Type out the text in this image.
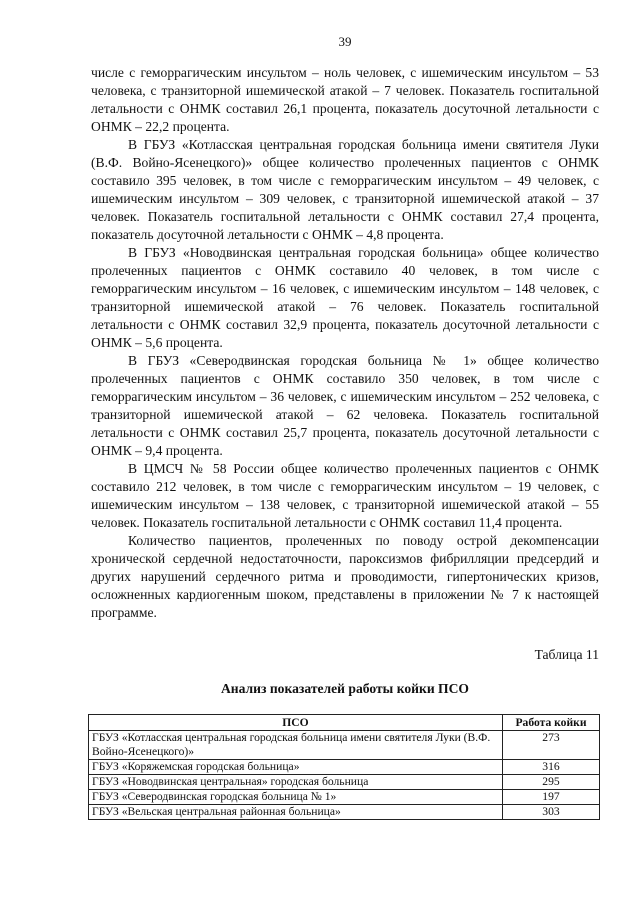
39

числе с геморрагическим инсультом – ноль человек, с ишемическим инсультом – 53 человека, с транзиторной ишемической атакой – 7 человек. Показатель госпитальной летальности с ОНМК составил 26,1 процента, показатель досуточной летальности с ОНМК – 22,2 процента.

В ГБУЗ «Котласская центральная городская больница имени святителя Луки (В.Ф. Войно-Ясенецкого)» общее количество пролеченных пациентов с ОНМК составило 395 человек, в том числе с геморрагическим инсультом – 49 человек, с ишемическим инсультом – 309 человек, с транзиторной ишемической атакой – 37 человек. Показатель госпитальной летальности с ОНМК составил 27,4 процента, показатель досуточной летальности с ОНМК – 4,8 процента.

В ГБУЗ «Новодвинская центральная городская больница» общее количество пролеченных пациентов с ОНМК составило 40 человек, в том числе с геморрагическим инсультом – 16 человек, с ишемическим инсультом – 148 человек, с транзиторной ишемической атакой – 76 человек. Показатель госпитальной летальности с ОНМК составил 32,9 процента, показатель досуточной летальности с ОНМК – 5,6 процента.

В ГБУЗ «Северодвинская городская больница № 1» общее количество пролеченных пациентов с ОНМК составило 350 человек, в том числе с геморрагическим инсультом – 36 человек, с ишемическим инсультом – 252 человека, с транзиторной ишемической атакой – 62 человека. Показатель госпитальной летальности с ОНМК составил 25,7 процента, показатель досуточной летальности с ОНМК – 9,4 процента.

В ЦМСЧ № 58 России общее количество пролеченных пациентов с ОНМК составило 212 человек, в том числе с геморрагическим инсультом – 19 человек, с ишемическим инсультом – 138 человек, с транзиторной ишемической атакой – 55 человек. Показатель госпитальной летальности с ОНМК составил 11,4 процента.

Количество пациентов, пролеченных по поводу острой декомпенсации хронической сердечной недостаточности, пароксизмов фибрилляции предсердий и других нарушений сердечного ритма и проводимости, гипертонических кризов, осложненных кардиогенным шоком, представлены в приложении № 7 к настоящей программе.

Таблица 11
Анализ показателей работы койки ПСО
ПСО	Работа койки
ГБУЗ «Котласская центральная городская больница имени святителя Луки (В.Ф. Войно-Ясенецкого)»	273
ГБУЗ «Коряжемская городская больница»	316
ГБУЗ «Новодвинская центральная» городская больница	295
ГБУЗ «Северодвинская городская больница № 1»	197
ГБУЗ «Вельская центральная районная больница»	303
